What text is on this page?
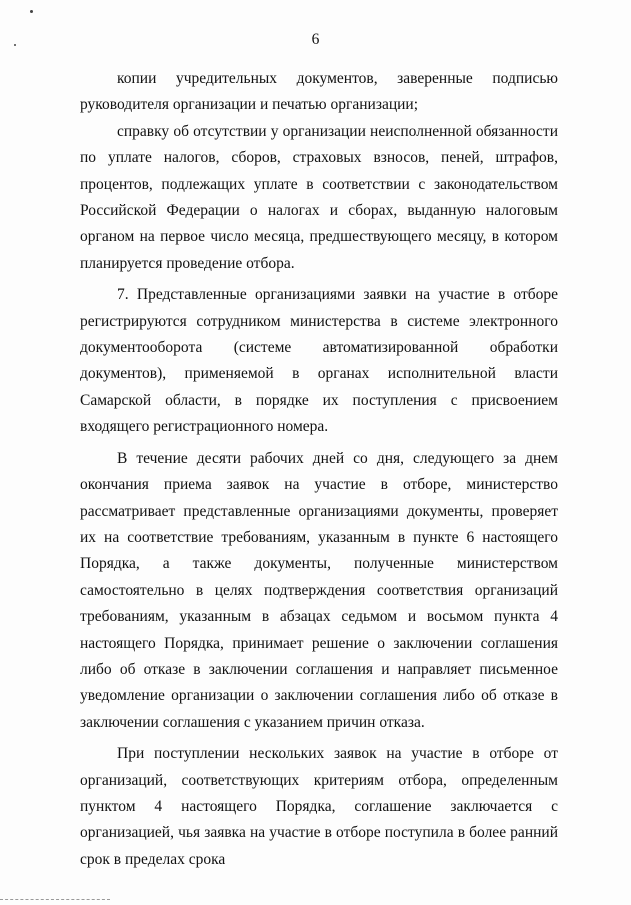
6

копии учредительных документов, заверенные подписью руководителя организации и печатью организации;

справку об отсутствии у организации неисполненной обязанности по уплате налогов, сборов, страховых взносов, пеней, штрафов, процентов, подлежащих уплате в соответствии с законодательством Российской Федерации о налогах и сборах, выданную налоговым органом на первое число месяца, предшествующего месяцу, в котором планируется проведение отбора.

7. Представленные организациями заявки на участие в отборе регистрируются сотрудником министерства в системе электронного документооборота (системе автоматизированной обработки документов), применяемой в органах исполнительной власти Самарской области, в порядке их поступления с присвоением входящего регистрационного номера.

В течение десяти рабочих дней со дня, следующего за днем окончания приема заявок на участие в отборе, министерство рассматривает представленные организациями документы, проверяет их на соответствие требованиям, указанным в пункте 6 настоящего Порядка, а также документы, полученные министерством самостоятельно в целях подтверждения соответствия организаций требованиям, указанным в абзацах седьмом и восьмом пункта 4 настоящего Порядка, принимает решение о заключении соглашения либо об отказе в заключении соглашения и направляет письменное уведомление организации о заключении соглашения либо об отказе в заключении соглашения с указанием причин отказа.

При поступлении нескольких заявок на участие в отборе от организаций, соответствующих критериям отбора, определенным пунктом 4 настоящего Порядка, соглашение заключается с организацией, чья заявка на участие в отборе поступила в более ранний срок в пределах срока
